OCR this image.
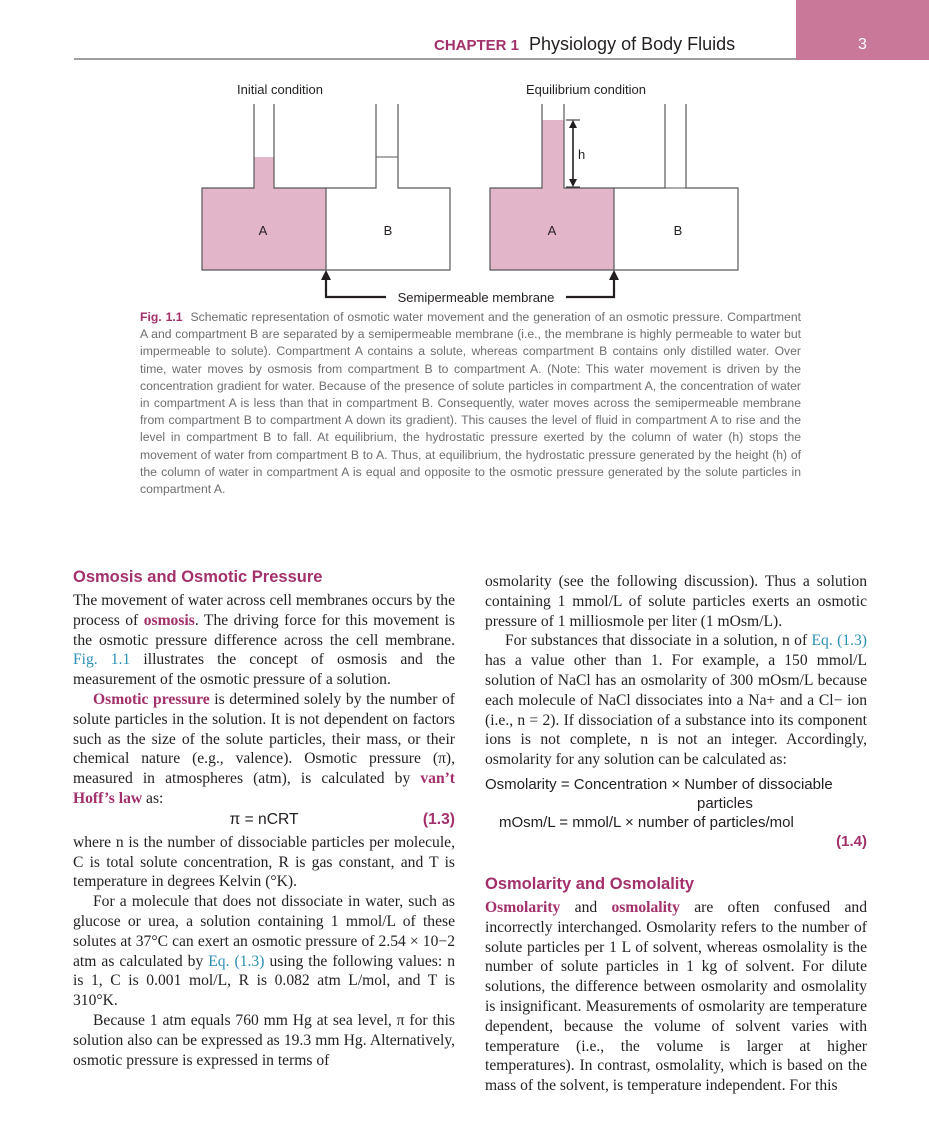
3
CHAPTER 1 Physiology of Body Fluids
Initial condition
A	B
Equilibrium condition
A	B
h
Semipermeable membrane
Fig. 1.1 Schematic representation of osmotic water movement and the generation of an osmotic pressure. Compartment A and compartment B are separated by a semipermeable membrane (i.e., the membrane is highly permeable to water but impermeable to solute). Compartment A contains a solute, whereas compartment B contains only distilled water. Over time, water moves by osmosis from compartment B to compartment A. (Note: This water movement is driven by the concentration gradient for water. Because of the presence of solute particles in compartment A, the concentration of water in compartment A is less than that in compartment B. Consequently, water moves across the semipermeable membrane from compartment B to compartment A down its gradient). This causes the level of fluid in compartment A to rise and the level in compartment B to fall. At equilibrium, the hydrostatic pressure exerted by the column of water (h) stops the movement of water from compartment B to A. Thus, at equilibrium, the hydrostatic pressure generated by the height (h) of the column of water in compartment A is equal and opposite to the osmotic pressure generated by the solute particles in compartment A.
Osmosis and Osmotic Pressure

The movement of water across cell membranes occurs by the process of osmosis. The driving force for this movement is the osmotic pressure difference across the cell membrane. Fig. 1.1 illustrates the concept of osmosis and the measurement of the osmotic pressure of a solution.

Osmotic pressure is determined solely by the number of solute particles in the solution. It is not dependent on factors such as the size of the solute particles, their mass, or their chemical nature (e.g., valence). Osmotic pressure (π), measured in atmospheres (atm), is calculated by van’t Hoff’s law as:

π = nCRT	(1.3)

where n is the number of dissociable particles per molecule, C is total solute concentration, R is gas constant, and T is temperature in degrees Kelvin (°K).

For a molecule that does not dissociate in water, such as glucose or urea, a solution containing 1 mmol/L of these solutes at 37°C can exert an osmotic pressure of 2.54 × 10−2 atm as calculated by Eq. (1.3) using the following values: n is 1, C is 0.001 mol/L, R is 0.082 atm L/mol, and T is 310°K.

Because 1 atm equals 760 mm Hg at sea level, π for this solution also can be expressed as 19.3 mm Hg. Alternatively, osmotic pressure is expressed in terms of

osmolarity (see the following discussion). Thus a solution containing 1 mmol/L of solute particles exerts an osmotic pressure of 1 milliosmole per liter (1 mOsm/L).

For substances that dissociate in a solution, n of Eq. (1.3) has a value other than 1. For example, a 150 mmol/L solution of NaCl has an osmolarity of 300 mOsm/L because each molecule of NaCl dissociates into a Na+ and a Cl− ion (i.e., n = 2). If dissociation of a substance into its component ions is not complete, n is not an integer. Accordingly, osmolarity for any solution can be calculated as:

Osmolarity = Concentration × Number of dissociable
particles
mOsm/L = mmol/L × number of particles/mol
(1.4)
Osmolarity and Osmolality

Osmolarity and osmolality are often confused and incorrectly interchanged. Osmolarity refers to the number of solute particles per 1 L of solvent, whereas osmolality is the number of solute particles in 1 kg of solvent. For dilute solutions, the difference between osmolarity and osmolality is insignificant. Measurements of osmolarity are temperature dependent, because the volume of solvent varies with temperature (i.e., the volume is larger at higher temperatures). In contrast, osmolality, which is based on the mass of the solvent, is temperature independent. For this
